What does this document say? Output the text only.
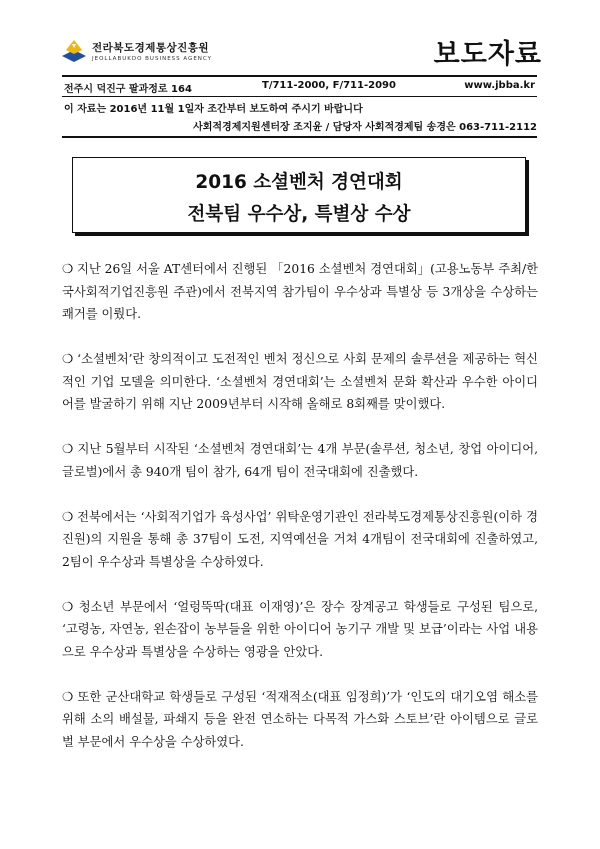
전라북도경제통상진흥원
JEOLLABUKDO BUSINESS AGENCY	보도자료
전주시 덕진구 팔과정로 164	T/711-2000, F/711-2090	www.jbba.kr
이 자료는 2016년 11월 1일자 조간부터 보도하여 주시기 바랍니다
사회적경제지원센터장 조지윤 / 담당자 사회적경제팀 송경은 063-711-2112
2016 소셜벤처 경연대회
전북팀 우수상, 특별상 수상

❍ 지난 26일 서울 AT센터에서 진행된 「2016 소셜벤처 경연대회」(고용노동부 주최/한국사회적기업진흥원 주관)에서 전북지역 참가팀이 우수상과 특별상 등 3개상을 수상하는 쾌거를 이뤘다.

❍ ‘소셜벤처’란 창의적이고 도전적인 벤처 정신으로 사회 문제의 솔루션을 제공하는 혁신적인 기업 모델을 의미한다. ‘소셜벤처 경연대회’는 소셜벤처 문화 확산과 우수한 아이디어를 발굴하기 위해 지난 2009년부터 시작해 올해로 8회째를 맞이했다.

❍ 지난 5월부터 시작된 ‘소셜벤처 경연대회’는 4개 부문(솔루션, 청소년, 창업 아이디어, 글로벌)에서 총 940개 팀이 참가, 64개 팀이 전국대회에 진출했다.

❍ 전북에서는 ‘사회적기업가 육성사업’ 위탁운영기관인 전라북도경제통상진흥원(이하 경진원)의 지원을 통해 총 37팀이 도전, 지역예선을 거쳐 4개팀이 전국대회에 진출하였고, 2팀이 우수상과 특별상을 수상하였다.

❍ 청소년 부문에서 ‘얼렁뚝딱(대표 이재영)’은 장수 장계공고 학생들로 구성된 팀으로, ‘고령농, 자연농, 왼손잡이 농부들을 위한 아이디어 농기구 개발 및 보급’이라는 사업 내용으로 우수상과 특별상을 수상하는 영광을 안았다.

❍ 또한 군산대학교 학생들로 구성된 ‘적재적소(대표 임정희)’가 ‘인도의 대기오염 해소를 위해 소의 배설물, 파쇄지 등을 완전 연소하는 다목적 가스화 스토브’란 아이템으로 글로벌 부문에서 우수상을 수상하였다.
